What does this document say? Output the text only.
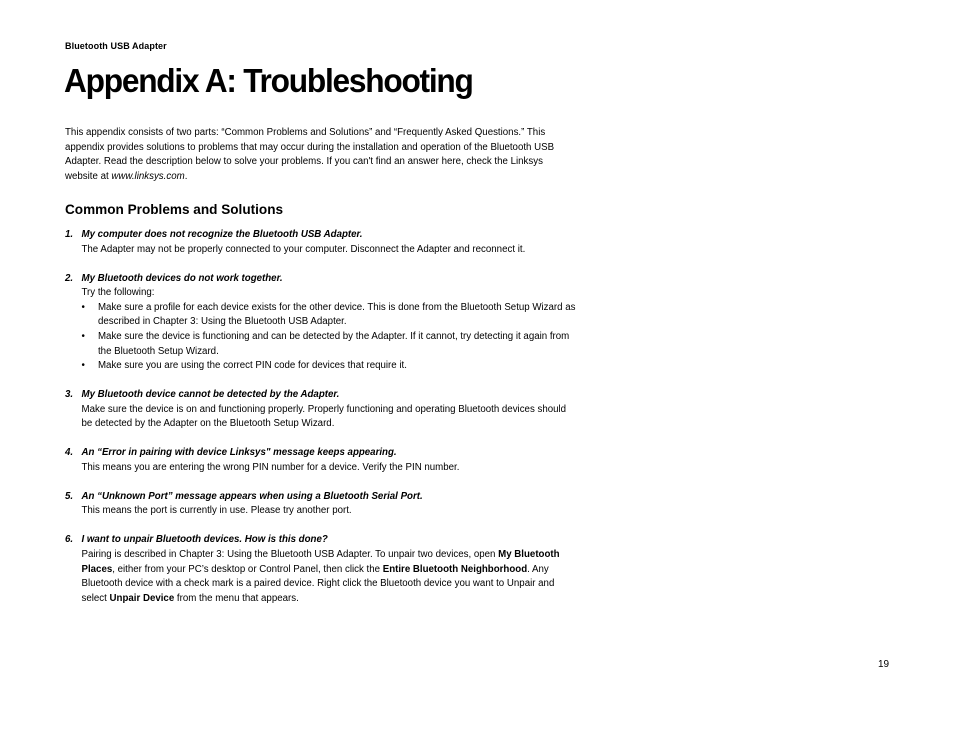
Bluetooth USB Adapter
Appendix A: Troubleshooting

This appendix consists of two parts: “Common Problems and Solutions” and “Frequently Asked Questions.” This appendix provides solutions to problems that may occur during the installation and operation of the Bluetooth USB Adapter. Read the description below to solve your problems. If you can't find an answer here, check the Linksys website at www.linksys.com.

Common Problems and Solutions
1. My computer does not recognize the Bluetooth USB Adapter.
The Adapter may not be properly connected to your computer. Disconnect the Adapter and reconnect it.
2. My Bluetooth devices do not work together.
Try the following:
•	Make sure a profile for each device exists for the other device. This is done from the Bluetooth Setup Wizard as described in Chapter 3: Using the Bluetooth USB Adapter.
•	Make sure the device is functioning and can be detected by the Adapter. If it cannot, try detecting it again from the Bluetooth Setup Wizard.
•	Make sure you are using the correct PIN code for devices that require it.
3. My Bluetooth device cannot be detected by the Adapter.
Make sure the device is on and functioning properly. Properly functioning and operating Bluetooth devices should be detected by the Adapter on the Bluetooth Setup Wizard.
4. An “Error in pairing with device Linksys" message keeps appearing.
This means you are entering the wrong PIN number for a device. Verify the PIN number.
5. An “Unknown Port” message appears when using a Bluetooth Serial Port.
This means the port is currently in use. Please try another port.
6. I want to unpair Bluetooth devices. How is this done?
Pairing is described in Chapter 3: Using the Bluetooth USB Adapter. To unpair two devices, open My Bluetooth Places, either from your PC’s desktop or Control Panel, then click the Entire Bluetooth Neighborhood. Any Bluetooth device with a check mark is a paired device. Right click the Bluetooth device you want to Unpair and select Unpair Device from the menu that appears.
19
